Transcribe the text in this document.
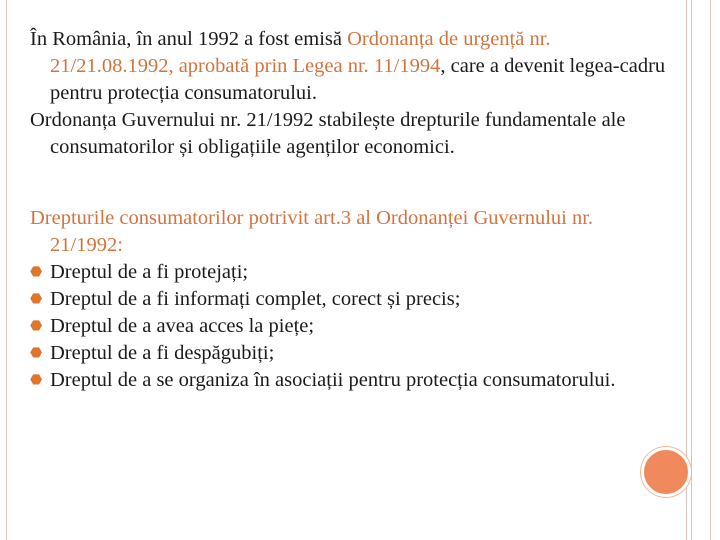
În România, în anul 1992 a fost emisă Ordonanța de urgență nr. 21/21.08.1992, aprobată prin Legea nr. 11/1994, care a devenit legea-cadru pentru protecția consumatorului.

Ordonanța Guvernului nr. 21/1992 stabilește drepturile fundamentale ale consumatorilor și obligațiile agenților economici.

Drepturile consumatorilor potrivit art.3 al Ordonanței Guvernului nr. 21/1992:

⬣ Dreptul de a fi protejați;
⬣ Dreptul de a fi informați complet, corect și precis;
⬣ Dreptul de a avea acces la piețe;
⬣ Dreptul de a fi despăgubiți;
⬣ Dreptul de a se organiza în asociații pentru protecția consumatorului.
